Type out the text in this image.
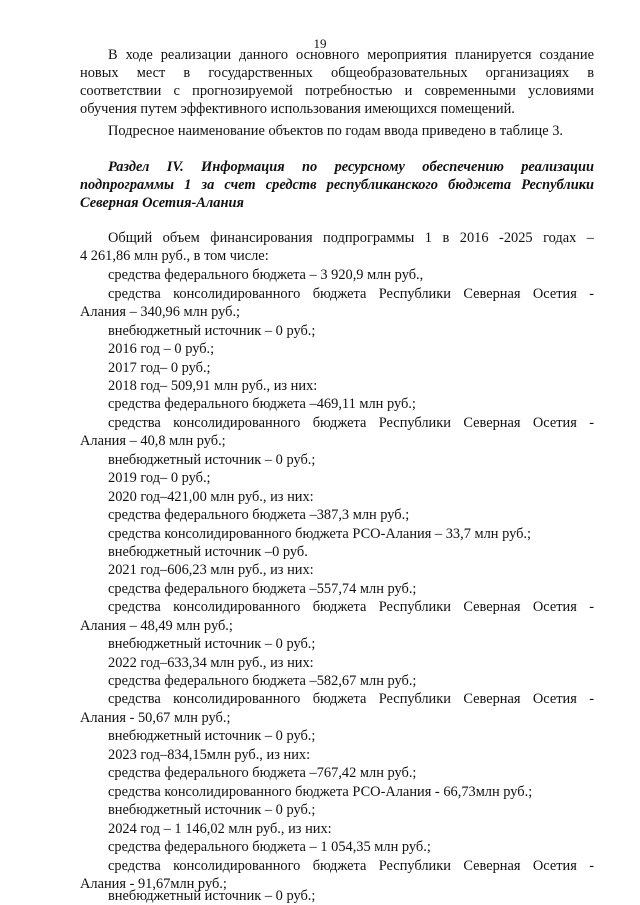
19
В ходе реализации данного основного мероприятия планируется создание
новых мест в государственных общеобразовательных организациях в
соответствии с прогнозируемой потребностью и современными условиями
обучения путем эффективного использования имеющихся помещений.
Подресное наименование объектов по годам ввода приведено в таблице 3.
Раздел IV. Информация по ресурсному обеспечению реализации
подпрограммы 1 за счет средств республиканского бюджета Республики
Северная Осетия-Алания
Общий объем финансирования подпрограммы 1 в 2016 -2025 годах –
4 261,86 млн руб., в том числе:
средства федерального бюджета – 3 920,9 млн руб.,
средства консолидированного бюджета Республики Северная Осетия -
Алания – 340,96 млн руб.;
внебюджетный источник – 0 руб.;
2016 год – 0 руб.;
2017 год– 0 руб.;
2018 год– 509,91 млн руб., из них:
средства федерального бюджета –469,11 млн руб.;
средства консолидированного бюджета Республики Северная Осетия -
Алания – 40,8 млн руб.;
внебюджетный источник – 0 руб.;
2019 год– 0 руб.;
2020 год–421,00 млн руб., из них:
средства федерального бюджета –387,3 млн руб.;
средства консолидированного бюджета РСО-Алания – 33,7 млн руб.;
внебюджетный источник –0 руб.
2021 год–606,23 млн руб., из них:
средства федерального бюджета –557,74 млн руб.;
средства консолидированного бюджета Республики Северная Осетия -
Алания – 48,49 млн руб.;
внебюджетный источник – 0 руб.;
2022 год–633,34 млн руб., из них:
средства федерального бюджета –582,67 млн руб.;
средства консолидированного бюджета Республики Северная Осетия -
Алания - 50,67 млн руб.;
внебюджетный источник – 0 руб.;
2023 год–834,15млн руб., из них:
средства федерального бюджета –767,42 млн руб.;
средства консолидированного бюджета РСО-Алания - 66,73млн руб.;
внебюджетный источник – 0 руб.;
2024 год – 1 146,02 млн руб., из них:
средства федерального бюджета – 1 054,35 млн руб.;
средства консолидированного бюджета Республики Северная Осетия -
Алания - 91,67млн руб.;
внебюджетный источник – 0 руб.;
